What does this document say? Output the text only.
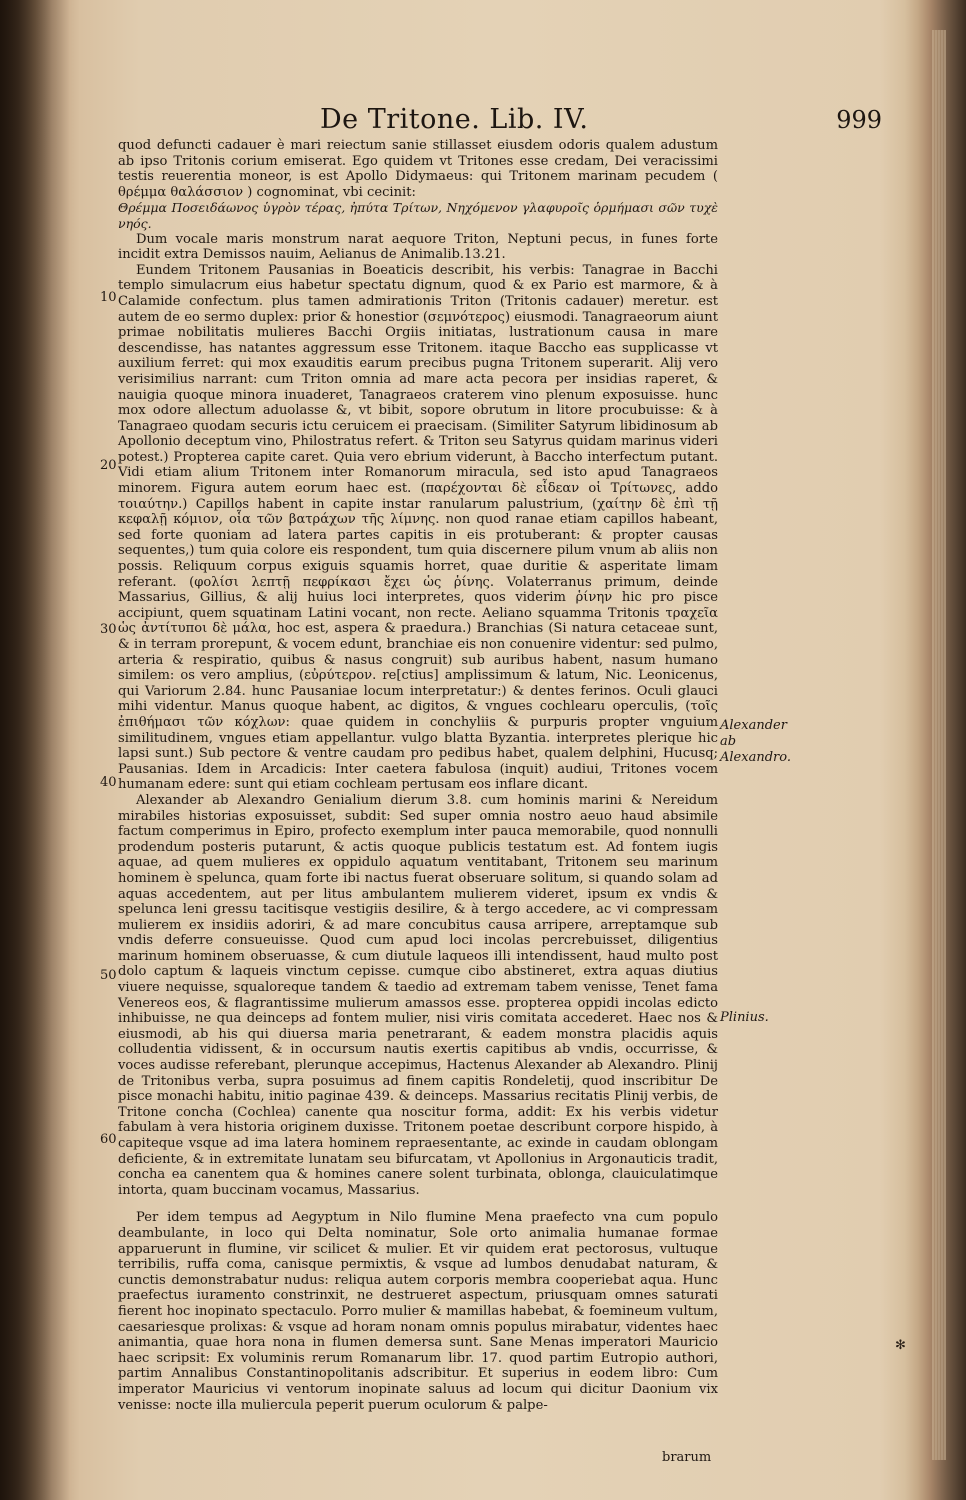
De Tritone. Lib. IV.	999

quod defuncti cadauer è mari reiectum sanie stillasset eiusdem odoris qualem adustum ab ipso Tritonis corium emiserat. Ego quidem vt Tritones esse credam, Dei veracissimi testis reuerentia moneor, is est Apollo Didymaeus: qui Tritonem marinam pecudem ( θρέμμα θαλάσσιον ) cognominat, vbi cecinit:

Θρέμμα Ποσειδάωνος ὑγρὸν τέρας, ἠπύτα Τρίτων, Νηχόμενον γλαφυροῖς ὁρμήμασι σῶν τυχὲ νηός.

Dum vocale maris monstrum narat aequore Triton, Neptuni pecus, in funes forte incidit extra Demissos nauim, Aelianus de Animalib.13.21.

Eundem Tritonem Pausanias in Boeaticis describit, his verbis: Tanagrae in Bacchi templo simulacrum eius habetur spectatu dignum, quod & ex Pario est marmore, & à Calamide confectum. plus tamen admirationis Triton (Tritonis cadauer) meretur. est autem de eo sermo duplex: prior & honestior (σεμνότερος) eiusmodi. Tanagraeorum aiunt primae nobilitatis mulieres Bacchi Orgiis initiatas, lustrationum causa in mare descendisse, has natantes aggressum esse Tritonem. itaque Baccho eas supplicasse vt auxilium ferret: qui mox exauditis earum precibus pugna Tritonem superarit. Alij vero verisimilius narrant: cum Triton omnia ad mare acta pecora per insidias raperet, & nauigia quoque minora inuaderet, Tanagraeos craterem vino plenum exposuisse. hunc mox odore allectum aduolasse &, vt bibit, sopore obrutum in litore procubuisse: & à Tanagraeo quodam securis ictu ceruicem ei praecisam. (Similiter Satyrum libidinosum ab Apollonio deceptum vino, Philostratus refert. & Triton seu Satyrus quidam marinus videri potest.) Propterea capite caret. Quia vero ebrium viderunt, à Baccho interfectum putant. Vidi etiam alium Tritonem inter Romanorum miracula, sed isto apud Tanagraeos minorem. Figura autem eorum haec est. (παρέχονται δὲ εἶδεαν οἱ Τρίτωνες, addo τοιαύτην.) Capillos habent in capite instar ranularum palustrium, (χαίτην δὲ ἐπὶ τῇ κεφαλῇ κόμιον, οἷα τῶν βατράχων τῆς λίμνης. non quod ranae etiam capillos habeant, sed forte quoniam ad latera partes capitis in eis protuberant: & propter causas sequentes,) tum quia colore eis respondent, tum quia discernere pilum vnum ab aliis non possis. Reliquum corpus exiguis squamis horret, quae duritie & asperitate limam referant. (φολίσι λεπτῇ πεφρίκασι ἔχει ὡς ῥίνης. Volaterranus primum, deinde Massarius, Gillius, & alij huius loci interpretes, quos viderim ῥίνην hic pro pisce accipiunt, quem squatinam Latini vocant, non recte. Aeliano squamma Tritonis τραχεῖα ὡς ἀντίτυποι δὲ μάλα, hoc est, aspera & praedura.) Branchias (Si natura cetaceae sunt, & in terram prorepunt, & vocem edunt, branchiae eis non conuenire videntur: sed pulmo, arteria & respiratio, quibus & nasus congruit) sub auribus habent, nasum humano similem: os vero amplius, (εὐρύτερον. re[ctius] amplissimum & latum, Nic. Leonicenus, qui Variorum 2.84. hunc Pausaniae locum interpretatur:) & dentes ferinos. Oculi glauci mihi videntur. Manus quoque habent, ac digitos, & vngues cochlearu operculis, (τοῖς ἐπιθήμασι τῶν κόχλων: quae quidem in conchyliis & purpuris propter vnguium similitudinem, vngues etiam appellantur. vulgo blatta Byzantia. interpretes plerique hic lapsi sunt.) Sub pectore & ventre caudam pro pedibus habet, qualem delphini, Hucusq; Pausanias. Idem in Arcadicis: Inter caetera fabulosa (inquit) audiui, Tritones vocem humanam edere: sunt qui etiam cochleam pertusam eos inflare dicant.

Alexander ab Alexandro Genialium dierum 3.8. cum hominis marini & Nereidum mirabiles historias exposuisset, subdit: Sed super omnia nostro aeuo haud absimile factum comperimus in Epiro, profecto exemplum inter pauca memorabile, quod nonnulli prodendum posteris putarunt, & actis quoque publicis testatum est. Ad fontem iugis aquae, ad quem mulieres ex oppidulo aquatum ventitabant, Tritonem seu marinum hominem è spelunca, quam forte ibi nactus fuerat obseruare solitum, si quando solam ad aquas accedentem, aut per litus ambulantem mulierem videret, ipsum ex vndis & spelunca leni gressu tacitisque vestigiis desilire, & à tergo accedere, ac vi compressam mulierem ex insidiis adoriri, & ad mare concubitus causa arripere, arreptamque sub vndis deferre consueuisse. Quod cum apud loci incolas percrebuisset, diligentius marinum hominem obseruasse, & cum diutule laqueos illi intendissent, haud multo post dolo captum & laqueis vinctum cepisse. cumque cibo abstineret, extra aquas diutius viuere nequisse, squaloreque tandem & taedio ad extremam tabem venisse, Tenet fama Venereos eos, & flagrantissime mulierum amassos esse. propterea oppidi incolas edicto inhibuisse, ne qua deinceps ad fontem mulier, nisi viris comitata accederet. Haec nos & eiusmodi, ab his qui diuersa maria penetrarant, & eadem monstra placidis aquis colludentia vidissent, & in occursum nautis exertis capitibus ab vndis, occurrisse, & voces audisse referebant, plerunque accepimus, Hactenus Alexander ab Alexandro. Plinij de Tritonibus verba, supra posuimus ad finem capitis Rondeletij, quod inscribitur De pisce monachi habitu, initio paginae 439. & deinceps. Massarius recitatis Plinij verbis, de Tritone concha (Cochlea) canente qua noscitur forma, addit: Ex his verbis videtur fabulam à vera historia originem duxisse. Tritonem poetae describunt corpore hispido, à capiteque vsque ad ima latera hominem repraesentante, ac exinde in caudam oblongam deficiente, & in extremitate lunatam seu bifurcatam, vt Apollonius in Argonauticis tradit, concha ea canentem qua & homines canere solent turbinata, oblonga, clauiculatimque intorta, quam buccinam vocamus, Massarius.

Per idem tempus ad Aegyptum in Nilo flumine Mena praefecto vna cum populo deambulante, in loco qui Delta nominatur, Sole orto animalia humanae formae apparuerunt in flumine, vir scilicet & mulier. Et vir quidem erat pectorosus, vultuque terribilis, ruffa coma, canisque permixtis, & vsque ad lumbos denudabat naturam, & cunctis demonstrabatur nudus: reliqua autem corporis membra cooperiebat aqua. Hunc praefectus iuramento constrinxit, ne destrueret aspectum, priusquam omnes saturati fierent hoc inopinato spectaculo. Porro mulier & mamillas habebat, & foemineum vultum, caesariesque prolixas: & vsque ad horam nonam omnis populus mirabatur, videntes haec animantia, quae hora nona in flumen demersa sunt. Sane Menas imperatori Mauricio haec scripsit: Ex voluminis rerum Romanarum libr. 17. quod partim Eutropio authori, partim Annalibus Constantinopolitanis adscribitur. Et superius in eodem libro: Cum imperator Mauricius vi ventorum inopinate saluus ad locum qui dicitur Daonium vix venisse: nocte illa muliercula peperit puerum oculorum & palpe-

10
20
30
40
50
60
Alexander ab Alexandro.
Plinius.
brarum
✻
